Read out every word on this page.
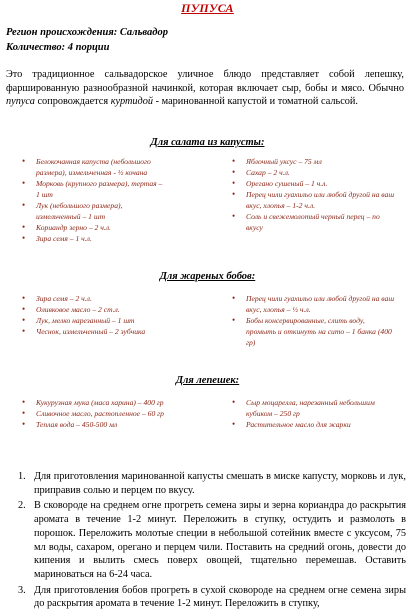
ПУПУСА
Регион происхождения: Сальвадор
Количество: 4 порции
Это традиционное сальвадорское уличное блюдо представляет собой лепешку, фаршированную разнообразной начинкой, которая включает сыр, бобы и мясо. Обычно пупуса сопровождается куртидой - маринованной капустой и томатной сальсой.
Для салата из капусты:
• Белокочанная капуста (небольшого размера), измельченная - ½ кочана
• Морковь (крупного размера), тертая – 1 шт
• Лук (небольшого размера), измельченный – 1 шт
• Кориандр зерно – 2 ч.л.
• Зира семя – 1 ч.л.
• Яблочный уксус – 75 мл
• Сахар – 2 ч.л.
• Орегано сушеный – 1 ч.л.
• Перец чили гуахильо или любой другой на ваш вкус, хлопья – 1-2 ч.л.
• Соль и свежемолотый черный перец – по вкусу
Для жареных бобов:
• Зира семя – 2 ч.л.
• Оливковое масло – 2 ст.л.
• Лук, мелко нарезанный – 1 шт
• Чеснок, измельченный – 2 зубчика
• Перец чили гуахильо или любой другой на ваш вкус, хлопья – ½ ч.л.
• Бобы консервированные, слить воду, промыть и откинуть на сито – 1 банка (400 гр)
Для лепешек:
• Кукурузная мука (маса харина) – 400 гр
• Сливочное масло, растопленное – 60 гр
• Теплая вода – 450-500 мл
• Сыр моцарелла, нарезанный небольшим кубиком – 250 гр
• Растительное масло для жарки
1. Для приготовления маринованной капусты смешать в миске капусту, морковь и лук, приправив солью и перцем по вкусу.
2. В сковороде на среднем огне прогреть семена зиры и зерна кориандра до раскрытия аромата в течение 1-2 минут. Переложить в ступку, остудить и размолоть в порошок. Переложить молотые специи в небольшой сотейник вместе с уксусом, 75 мл воды, сахаром, орегано и перцем чили. Поставить на средний огонь, довести до кипения и вылить смесь поверх овощей, тщательно перемешав. Оставить мариноваться на 6-24 часа.
3. Для приготовления бобов прогреть в сухой сковороде на среднем огне семена зиры до раскрытия аромата в течение 1-2 минут. Переложить в ступку,
